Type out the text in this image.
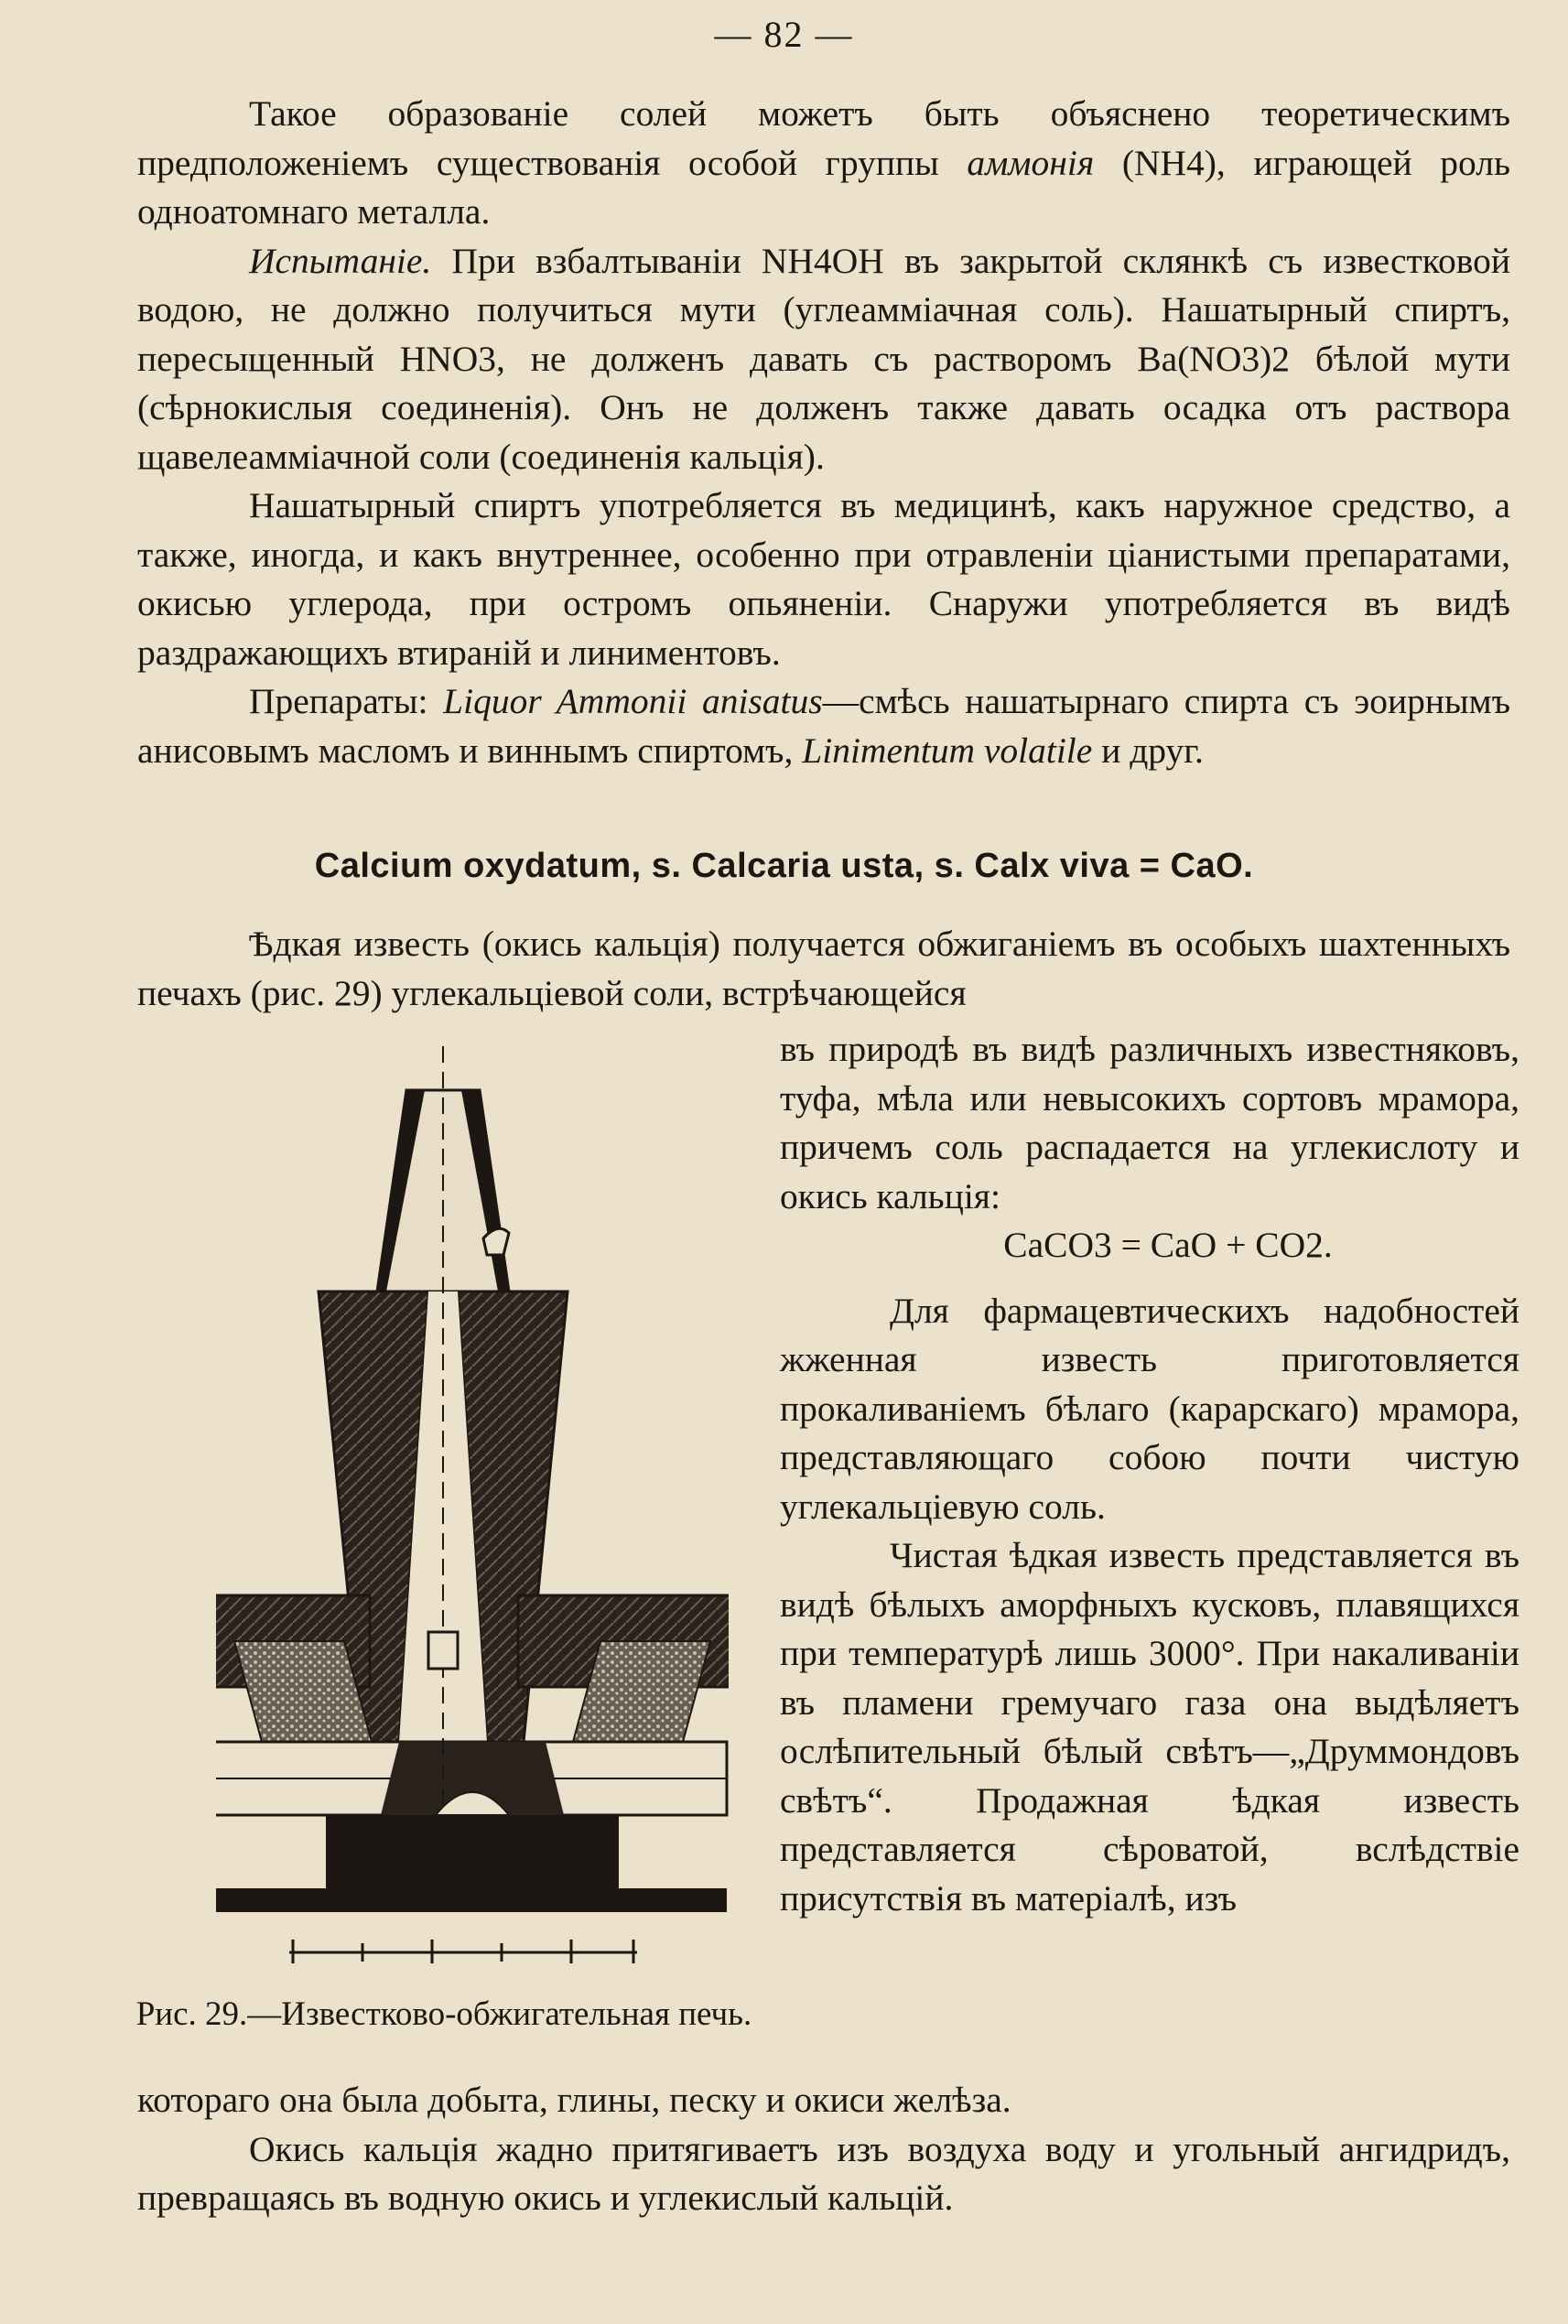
— 82 —

Такое образованіе солей можетъ быть объяснено теоретическимъ предположеніемъ существованія особой группы аммонія (NH4), играющей роль одноатомнаго металла.

Испытаніе. При взбалтываніи NH4OH въ закрытой склянкѣ съ известковой водою, не должно получиться мути (углеамміачная соль). Нашатырный спиртъ, пересыщенный HNO3, не долженъ давать съ растворомъ Ba(NO3)2 бѣлой мути (сѣрнокислыя соединенія). Онъ не долженъ также давать осадка отъ раствора щавелеамміачной соли (соединенія кальція).

Нашатырный спиртъ употребляется въ медицинѣ, какъ наружное средство, а также, иногда, и какъ внутреннее, особенно при отравленіи ціанистыми препаратами, окисью углерода, при остромъ опьяненіи. Снаружи употребляется въ видѣ раздражающихъ втираній и линиментовъ.

Препараты: Liquor Ammonii anisatus—смѣсь нашатырнаго спирта съ эоирнымъ анисовымъ масломъ и виннымъ спиртомъ, Linimentum volatile и друг.

Calcium oxydatum, s. Calcaria usta, s. Calx viva = CaO.

Ѣдкая известь (окись кальція) получается обжиганіемъ въ особыхъ шахтенныхъ печахъ (рис. 29) углекальціевой соли, встрѣчающейся

въ природѣ въ видѣ различныхъ известняковъ, туфа, мѣла или невысокихъ сортовъ мрамора, причемъ соль распадается на углекислоту и окись кальція:

CaCO3 = CaO + CO2.

Для фармацевтическихъ надобностей жженная известь приготовляется прокаливаніемъ бѣлаго (карарскаго) мрамора, представляющаго собою почти чистую углекальціевую соль.

Чистая ѣдкая известь представляется въ видѣ бѣлыхъ аморфныхъ кусковъ, плавящихся при температурѣ лишь 3000°. При накаливаніи въ пламени гремучаго газа она выдѣляетъ ослѣпительный бѣлый свѣтъ—„Друммондовъ свѣтъ“. Продажная ѣдкая известь представляется сѣроватой, вслѣдствіе присутствія въ матеріалѣ, изъ

Рис. 29.—Известково-обжигательная печь.

котораго она была добыта, глины, песку и окиси желѣза.

Окись кальція жадно притягиваетъ изъ воздуха воду и угольный ангидридъ, превращаясь въ водную окись и углекислый кальцій.
